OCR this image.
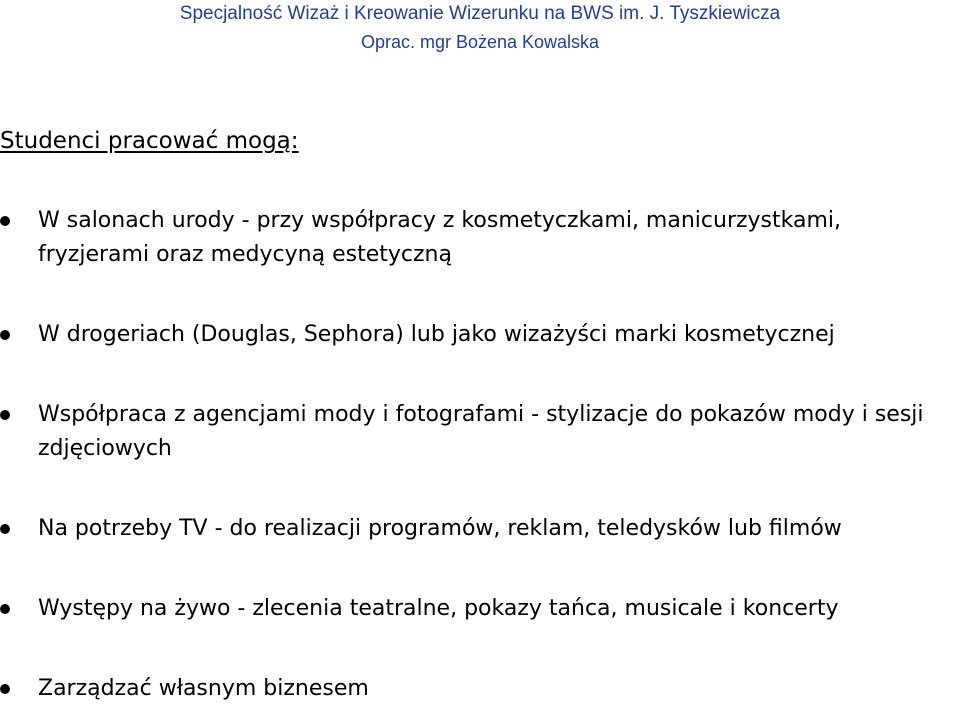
Specjalność Wizaż i Kreowanie Wizerunku na BWS im. J. Tyszkiewicza
Oprac. mgr Bożena Kowalska
Studenci pracować mogą:
W salonach urody - przy współpracy z kosmetyczkami, manicurzystkami, fryzjerami oraz medycyną estetyczną
W drogeriach (Douglas, Sephora) lub jako wizażyści marki kosmetycznej
Współpraca z agencjami mody i fotografami - stylizacje do pokazów mody i sesji zdjęciowych
Na potrzeby TV - do realizacji programów, reklam, teledysków lub filmów
Występy na żywo - zlecenia teatralne, pokazy tańca, musicale i koncerty
Zarządzać własnym biznesem
